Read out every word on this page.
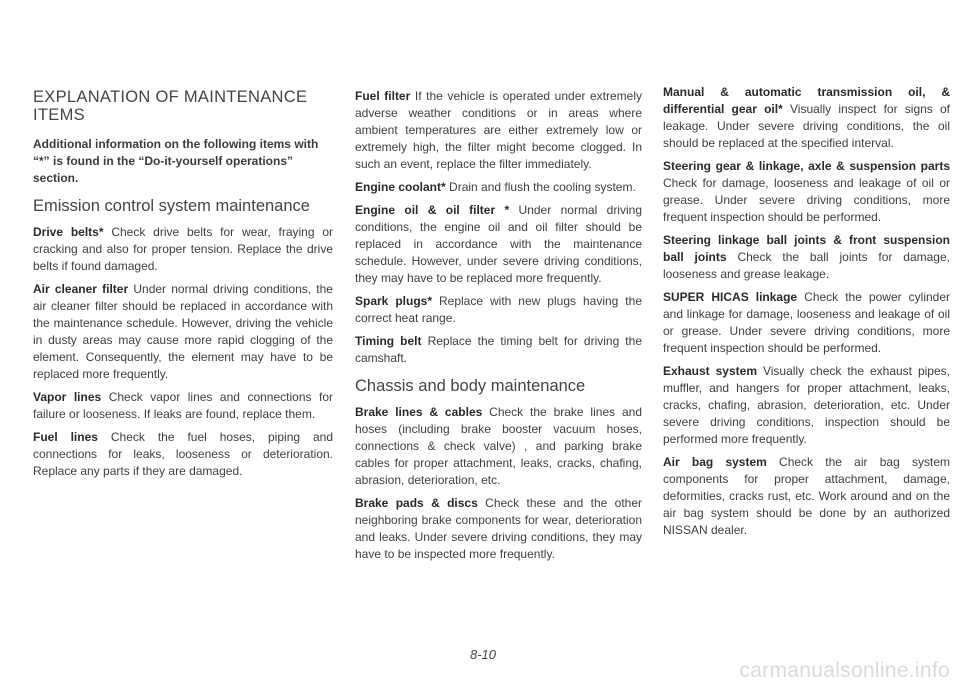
EXPLANATION OF MAINTENANCE ITEMS
Additional information on the following items with “*” is found in the “Do-it-yourself operations” section.
Emission control system maintenance

Drive belts* Check drive belts for wear, fraying or cracking and also for proper tension. Replace the drive belts if found damaged.

Air cleaner filter Under normal driving conditions, the air cleaner filter should be replaced in accordance with the maintenance schedule. However, driving the vehicle in dusty areas may cause more rapid clogging of the element. Consequently, the element may have to be replaced more frequently.

Vapor lines Check vapor lines and connections for failure or looseness. If leaks are found, replace them.

Fuel lines Check the fuel hoses, piping and connections for leaks, looseness or deterioration. Replace any parts if they are damaged.

Fuel filter If the vehicle is operated under extremely adverse weather conditions or in areas where ambient temperatures are either extremely low or extremely high, the filter might become clogged. In such an event, replace the filter immediately.

Engine coolant* Drain and flush the cooling system.

Engine oil & oil filter * Under normal driving conditions, the engine oil and oil filter should be replaced in accordance with the maintenance schedule. However, under severe driving conditions, they may have to be replaced more frequently.

Spark plugs* Replace with new plugs having the correct heat range.

Timing belt Replace the timing belt for driving the camshaft.

Chassis and body maintenance

Brake lines & cables Check the brake lines and hoses (including brake booster vacuum hoses, connections & check valve) , and parking brake cables for proper attachment, leaks, cracks, chafing, abrasion, deterioration, etc.

Brake pads & discs Check these and the other neighboring brake components for wear, deterioration and leaks. Under severe driving conditions, they may have to be inspected more frequently.

Manual & automatic transmission oil, & differential gear oil* Visually inspect for signs of leakage. Under severe driving conditions, the oil should be replaced at the specified interval.

Steering gear & linkage, axle & suspension parts Check for damage, looseness and leakage of oil or grease. Under severe driving conditions, more frequent inspection should be performed.

Steering linkage ball joints & front suspension ball joints Check the ball joints for damage, looseness and grease leakage.

SUPER HICAS linkage Check the power cylinder and linkage for damage, looseness and leakage of oil or grease. Under severe driving conditions, more frequent inspection should be performed.

Exhaust system Visually check the exhaust pipes, muffler, and hangers for proper attachment, leaks, cracks, chafing, abrasion, deterioration, etc. Under severe driving conditions, inspection should be performed more frequently.

Air bag system Check the air bag system components for proper attachment, damage, deformities, cracks rust, etc. Work around and on the air bag system should be done by an authorized NISSAN dealer.

8-10
carmanualsonline.info
